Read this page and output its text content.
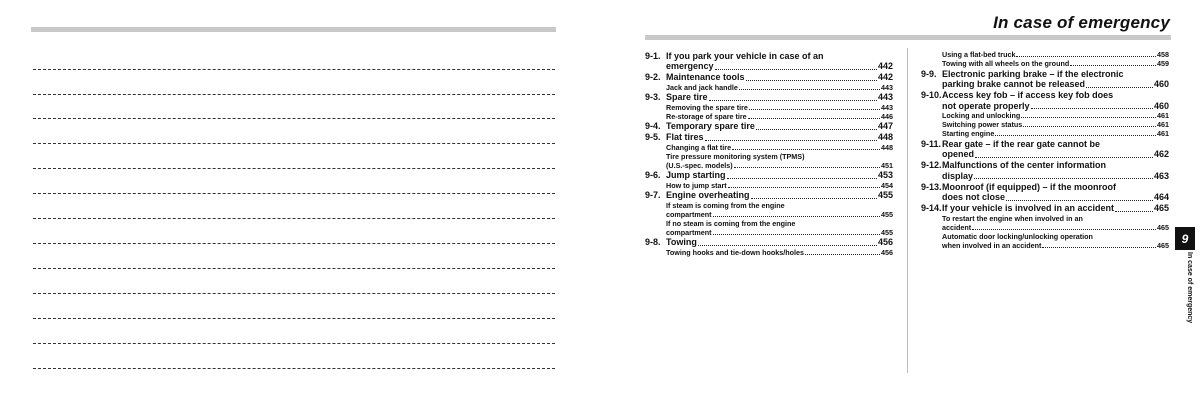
In case of emergency
9-1. If you park your vehicle in case of an
emergency	442
9-2. Maintenance tools	442
Jack and jack handle	443
9-3. Spare tire	443
Removing the spare tire	443
Re-storage of spare tire	446
9-4. Temporary spare tire	447
9-5. Flat tires	448
Changing a flat tire	448
Tire pressure monitoring system (TPMS)
(U.S.-spec. models)	451
9-6. Jump starting	453
How to jump start	454
9-7. Engine overheating	455
If steam is coming from the engine
compartment	455
If no steam is coming from the engine
compartment	455
9-8. Towing	456
Towing hooks and tie-down hooks/holes	456
Using a flat-bed truck	458
Towing with all wheels on the ground	459
9-9. Electronic parking brake – if the electronic
parking brake cannot be released	460
9-10. Access key fob – if access key fob does
not operate properly	460
Locking and unlocking	461
Switching power status	461
Starting engine	461
9-11. Rear gate – if the rear gate cannot be
opened	462
9-12. Malfunctions of the center information
display	463
9-13. Moonroof (if equipped) – if the moonroof
does not close	464
9-14. If your vehicle is involved in an accident	465
To restart the engine when involved in an
accident	465
Automatic door locking/unlocking operation
when involved in an accident	465 9
In case of emergency
